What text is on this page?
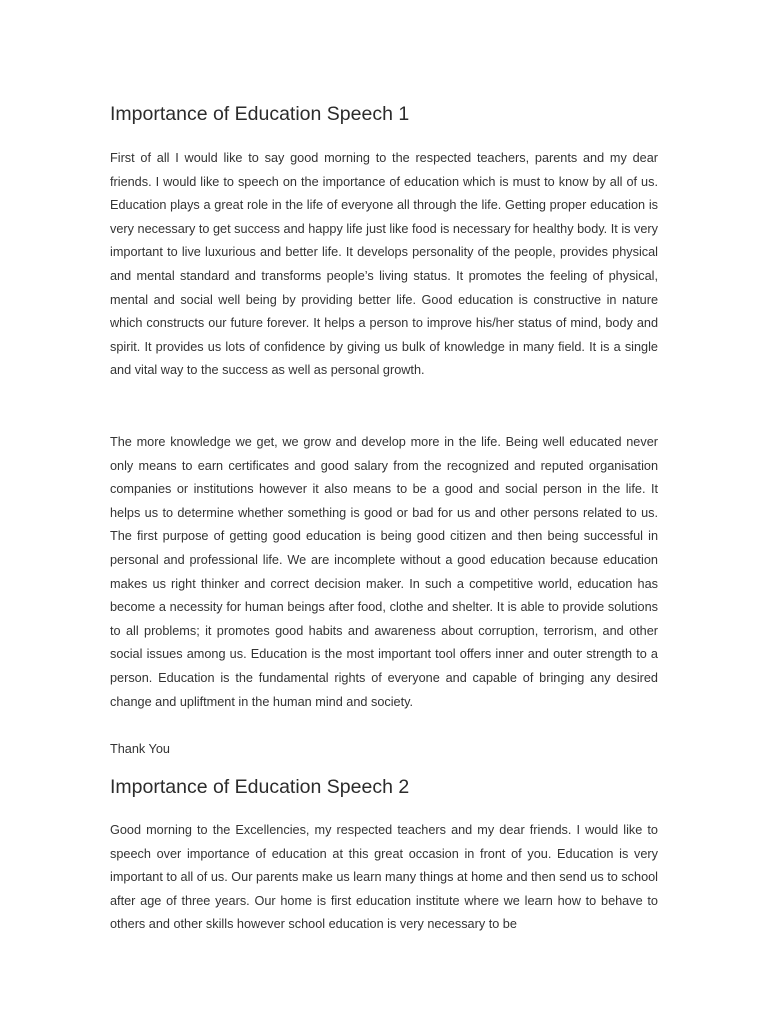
Importance of Education Speech 1

First of all I would like to say good morning to the respected teachers, parents and my dear friends. I would like to speech on the importance of education which is must to know by all of us. Education plays a great role in the life of everyone all through the life. Getting proper education is very necessary to get success and happy life just like food is necessary for healthy body. It is very important to live luxurious and better life. It develops personality of the people, provides physical and mental standard and transforms people’s living status. It promotes the feeling of physical, mental and social well being by providing better life. Good education is constructive in nature which constructs our future forever. It helps a person to improve his/her status of mind, body and spirit. It provides us lots of confidence by giving us bulk of knowledge in many field. It is a single and vital way to the success as well as personal growth.

The more knowledge we get, we grow and develop more in the life. Being well educated never only means to earn certificates and good salary from the recognized and reputed organisation companies or institutions however it also means to be a good and social person in the life. It helps us to determine whether something is good or bad for us and other persons related to us. The first purpose of getting good education is being good citizen and then being successful in personal and professional life. We are incomplete without a good education because education makes us right thinker and correct decision maker. In such a competitive world, education has become a necessity for human beings after food, clothe and shelter. It is able to provide solutions to all problems; it promotes good habits and awareness about corruption, terrorism, and other social issues among us. Education is the most important tool offers inner and outer strength to a person. Education is the fundamental rights of everyone and capable of bringing any desired change and upliftment in the human mind and society.

Thank You

Importance of Education Speech 2

Good morning to the Excellencies, my respected teachers and my dear friends. I would like to speech over importance of education at this great occasion in front of you. Education is very important to all of us. Our parents make us learn many things at home and then send us to school after age of three years. Our home is first education institute where we learn how to behave to others and other skills however school education is very necessary to be
